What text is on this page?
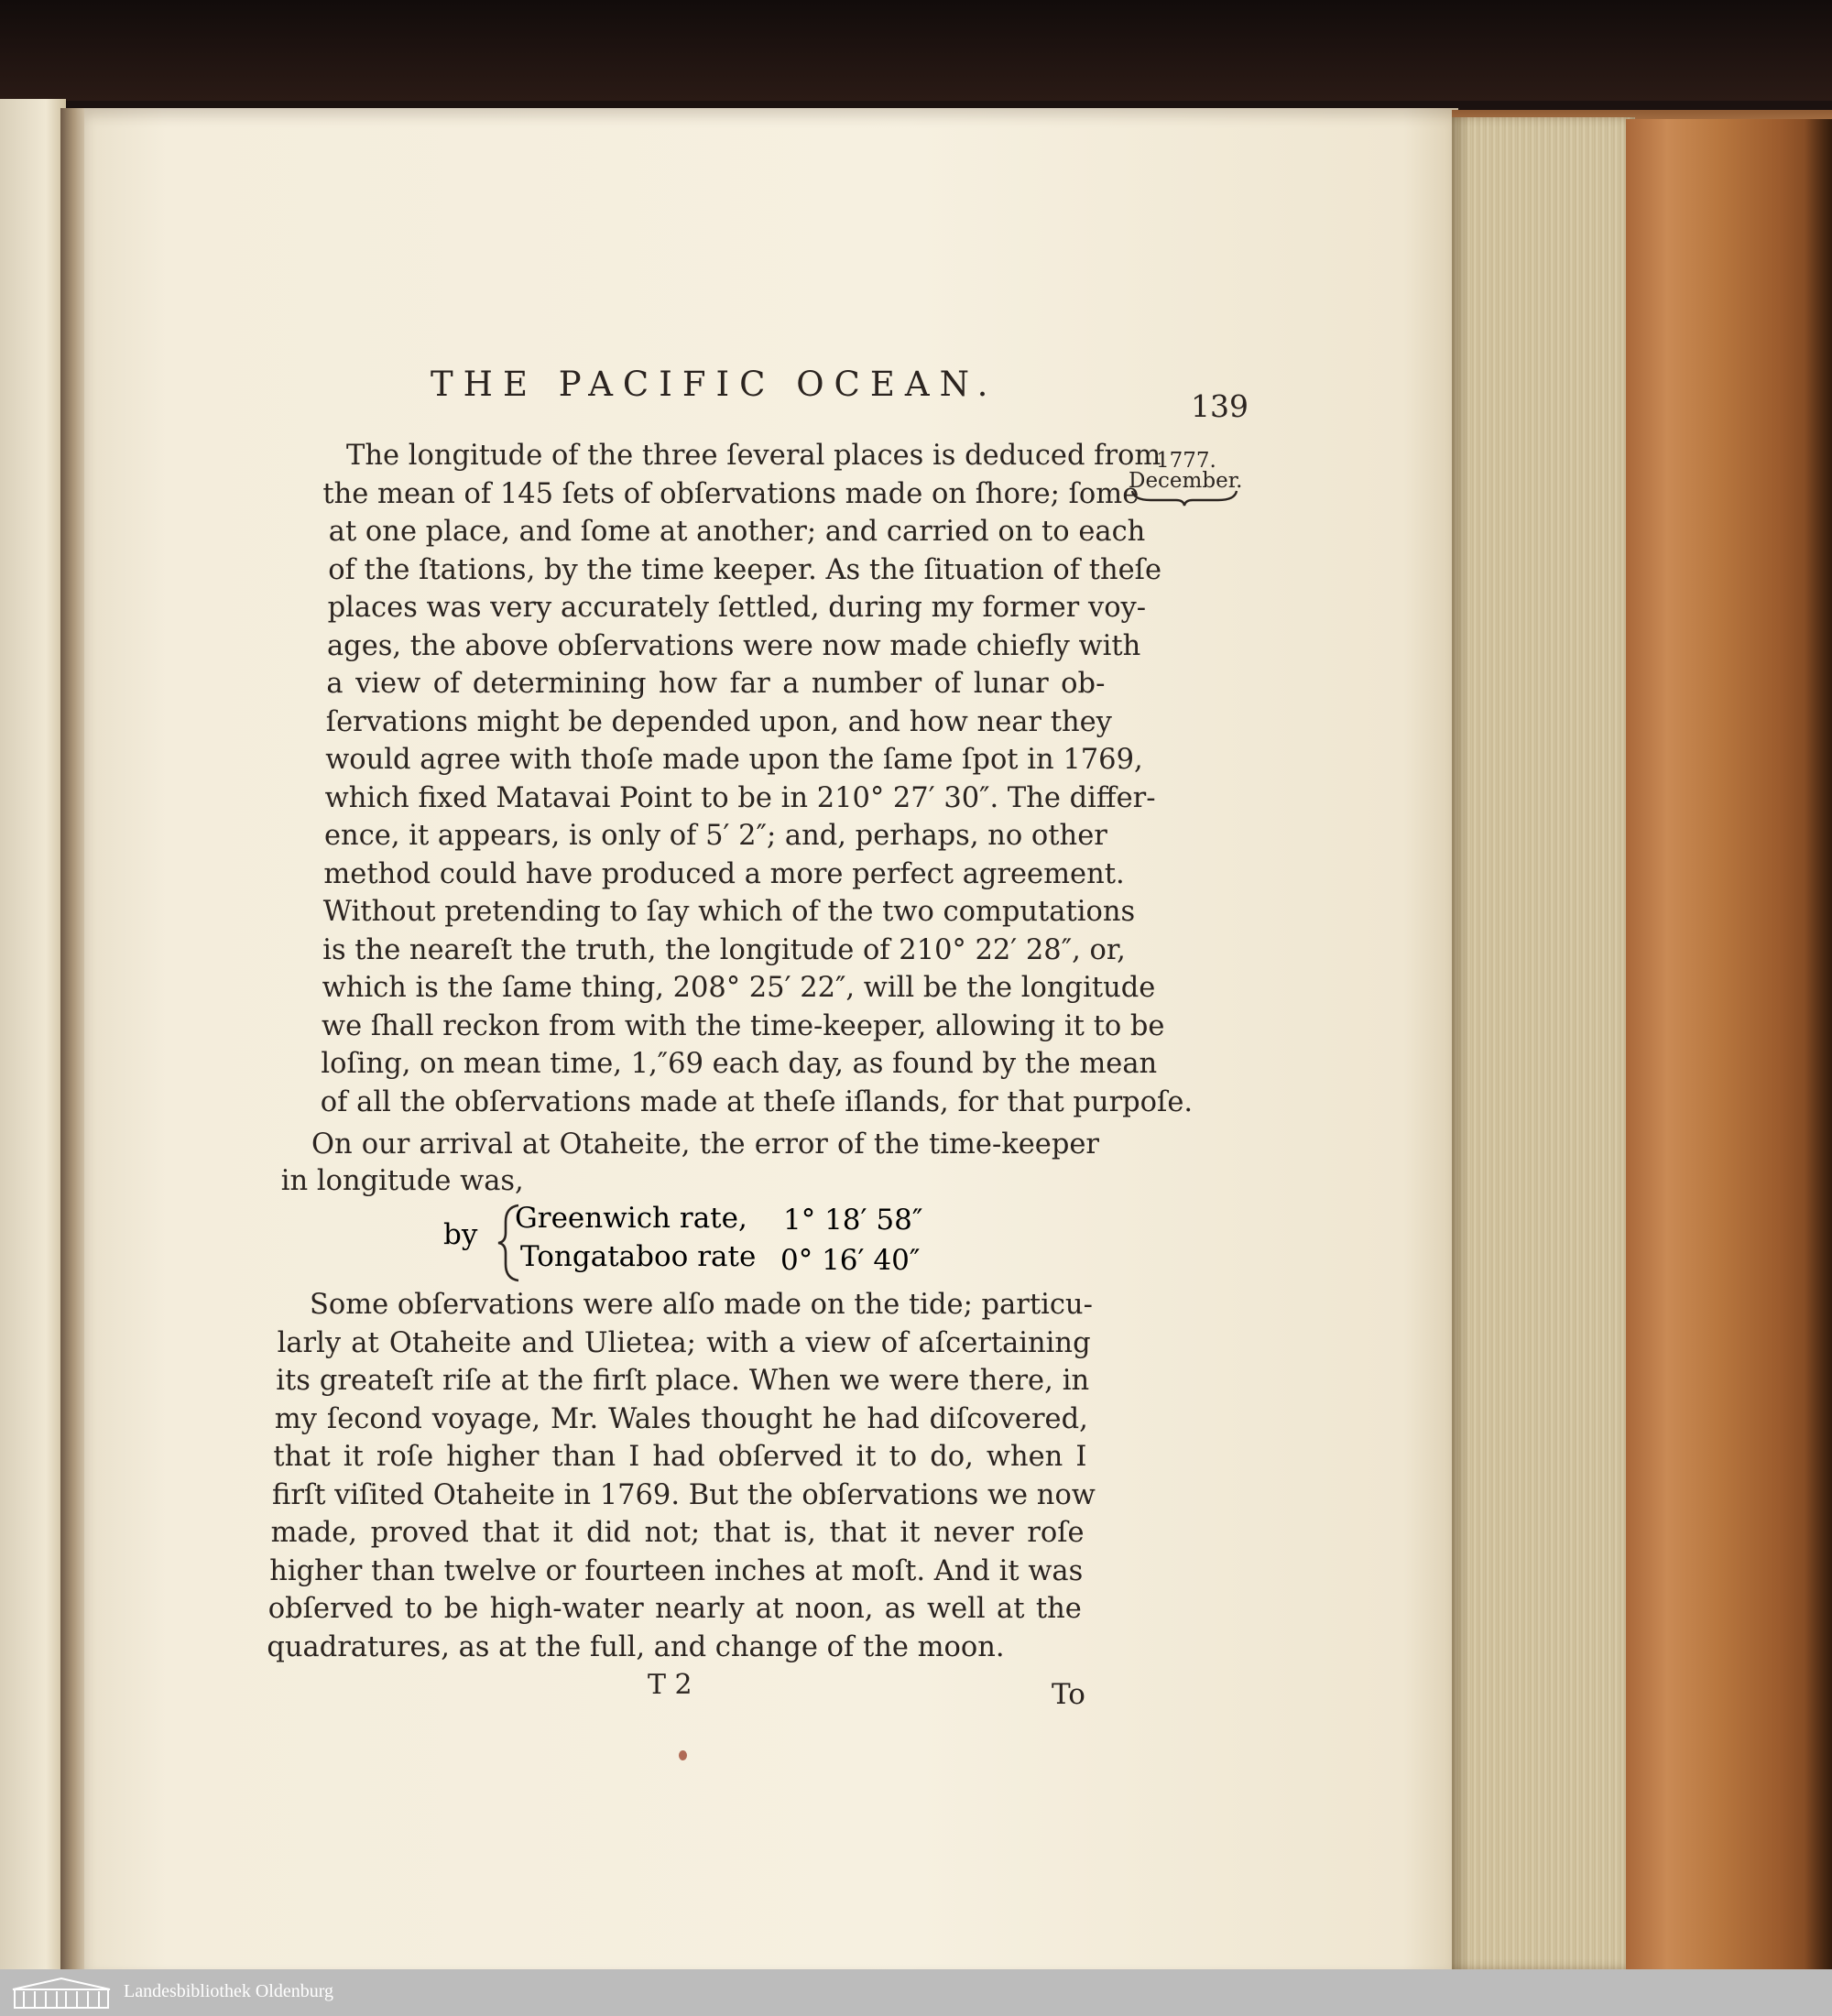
THE PACIFIC OCEAN.
139
1777.
December.
The longitude of the three ſeveral places is deduced from
the mean of 145 ſets of obſervations made on ſhore; ſome
at one place, and ſome at another; and carried on to each
of the ſtations, by the time keeper. As the ſituation of theſe
places was very accurately ſettled, during my former voy-
ages, the above obſervations were now made chiefly with
a view of determining how far a number of lunar ob-
ſervations might be depended upon, and how near they
would agree with thoſe made upon the ſame ſpot in 1769,
which fixed Matavai Point to be in 210° 27′ 30″. The differ-
ence, it appears, is only of 5′ 2″; and, perhaps, no other
method could have produced a more perfect agreement.
Without pretending to ſay which of the two computations
is the neareſt the truth, the longitude of 210° 22′ 28″, or,
which is the ſame thing, 208° 25′ 22″, will be the longitude
we ſhall reckon from with the time-keeper, allowing it to be
loſing, on mean time, 1,″69 each day, as found by the mean
of all the obſervations made at theſe iſlands, for that purpoſe.
On our arrival at Otaheite, the error of the time-keeper
in longitude was,
Some obſervations were alſo made on the tide; particu-
larly at Otaheite and Ulietea; with a view of aſcertaining
its greateſt riſe at the firſt place. When we were there, in
my ſecond voyage, Mr. Wales thought he had diſcovered,
that it roſe higher than I had obſerved it to do, when I
firſt viſited Otaheite in 1769. But the obſervations we now
made, proved that it did not; that is, that it never roſe
higher than twelve or fourteen inches at moſt. And it was
obſerved to be high-water nearly at noon, as well at the
quadratures, as at the full, and change of the moon.
by Greenwich rate, 1° 18′ 58″
Tongataboo rate 0° 16′ 40″
T 2	To
Landesbibliothek Oldenburg
